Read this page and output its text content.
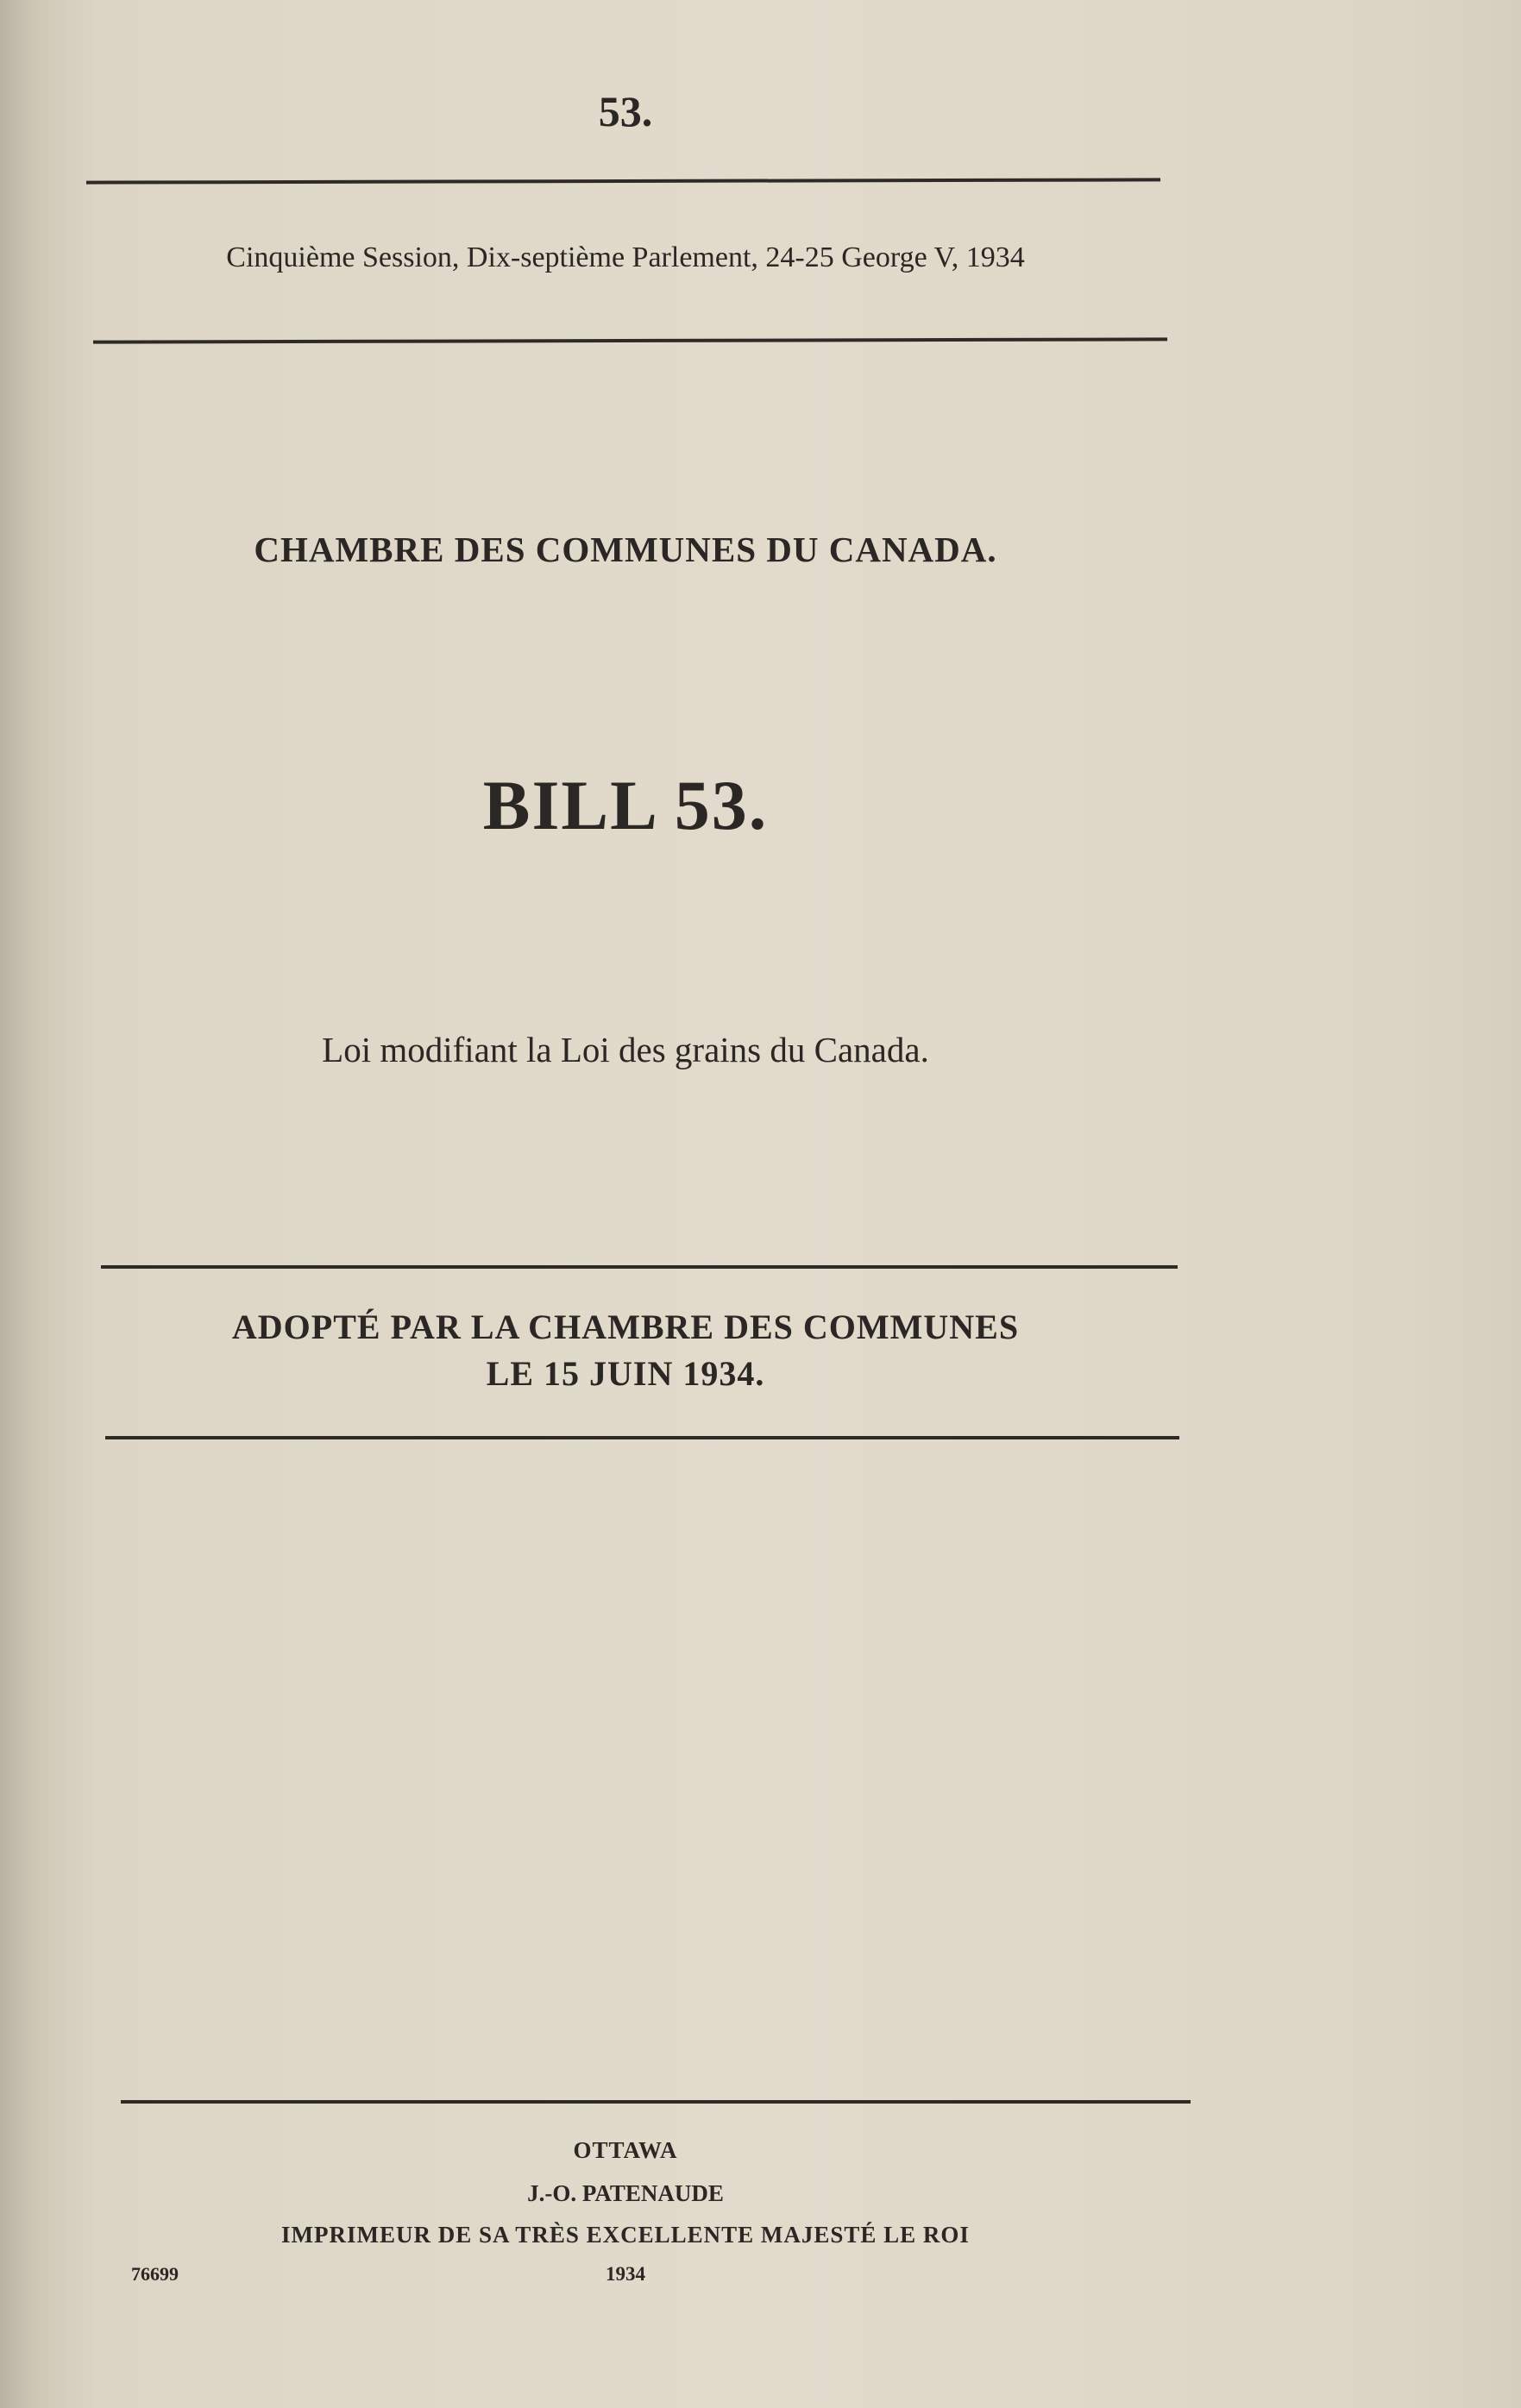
53.
Cinquième Session, Dix-septième Parlement, 24-25 George V, 1934
CHAMBRE DES COMMUNES DU CANADA.
BILL 53.
Loi modifiant la Loi des grains du Canada.
ADOPTÉ PAR LA CHAMBRE DES COMMUNES
LE 15 JUIN 1934.
OTTAWA
J.-O. PATENAUDE
IMPRIMEUR DE SA TRÈS EXCELLENTE MAJESTÉ LE ROI
76699	1934
